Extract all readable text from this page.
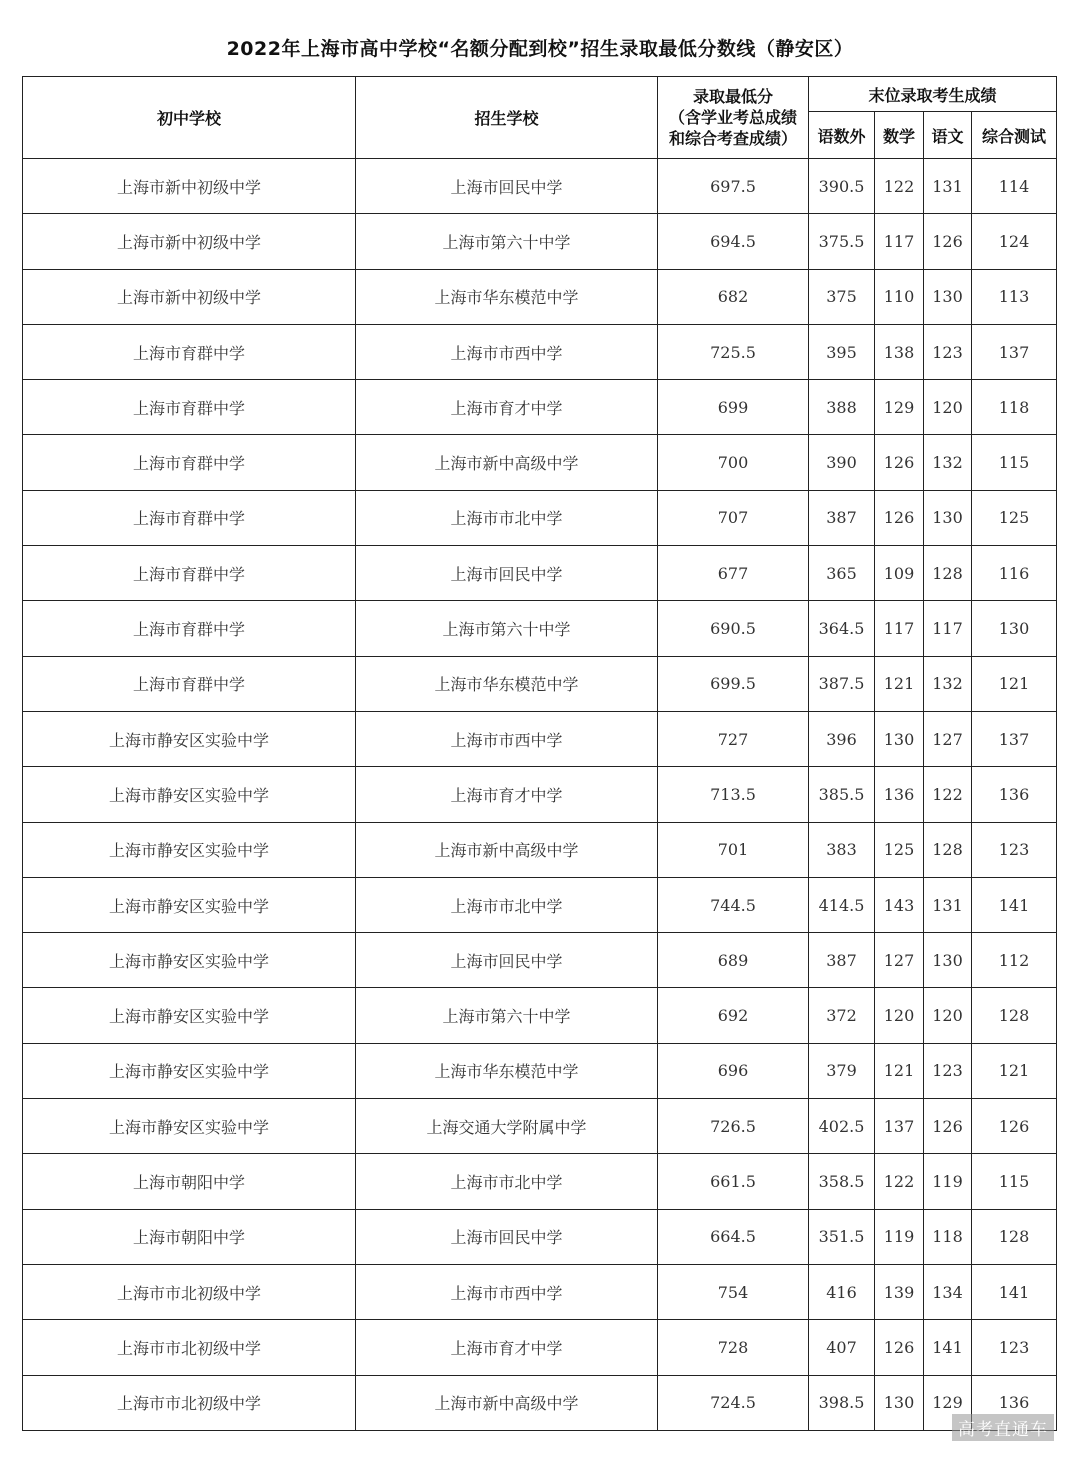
2022年上海市高中学校“名额分配到校”招生录取最低分数线（静安区）
初中学校	招生学校	录取最低分
（含学业考总成绩
和综合考查成绩）	末位录取考生成绩			
			语数外	数学	语文	综合测试
上海市新中初级中学	上海市回民中学	697.5	390.5	122	131	114
上海市新中初级中学	上海市第六十中学	694.5	375.5	117	126	124
上海市新中初级中学	上海市华东模范中学	682	375	110	130	113
上海市育群中学	上海市市西中学	725.5	395	138	123	137
上海市育群中学	上海市育才中学	699	388	129	120	118
上海市育群中学	上海市新中高级中学	700	390	126	132	115
上海市育群中学	上海市市北中学	707	387	126	130	125
上海市育群中学	上海市回民中学	677	365	109	128	116
上海市育群中学	上海市第六十中学	690.5	364.5	117	117	130
上海市育群中学	上海市华东模范中学	699.5	387.5	121	132	121
上海市静安区实验中学	上海市市西中学	727	396	130	127	137
上海市静安区实验中学	上海市育才中学	713.5	385.5	136	122	136
上海市静安区实验中学	上海市新中高级中学	701	383	125	128	123
上海市静安区实验中学	上海市市北中学	744.5	414.5	143	131	141
上海市静安区实验中学	上海市回民中学	689	387	127	130	112
上海市静安区实验中学	上海市第六十中学	692	372	120	120	128
上海市静安区实验中学	上海市华东模范中学	696	379	121	123	121
上海市静安区实验中学	上海交通大学附属中学	726.5	402.5	137	126	126
上海市朝阳中学	上海市市北中学	661.5	358.5	122	119	115
上海市朝阳中学	上海市回民中学	664.5	351.5	119	118	128
上海市市北初级中学	上海市市西中学	754	416	139	134	141
上海市市北初级中学	上海市育才中学	728	407	126	141	123
上海市市北初级中学	上海市新中高级中学	724.5	398.5	130	129	136
高考直通车
